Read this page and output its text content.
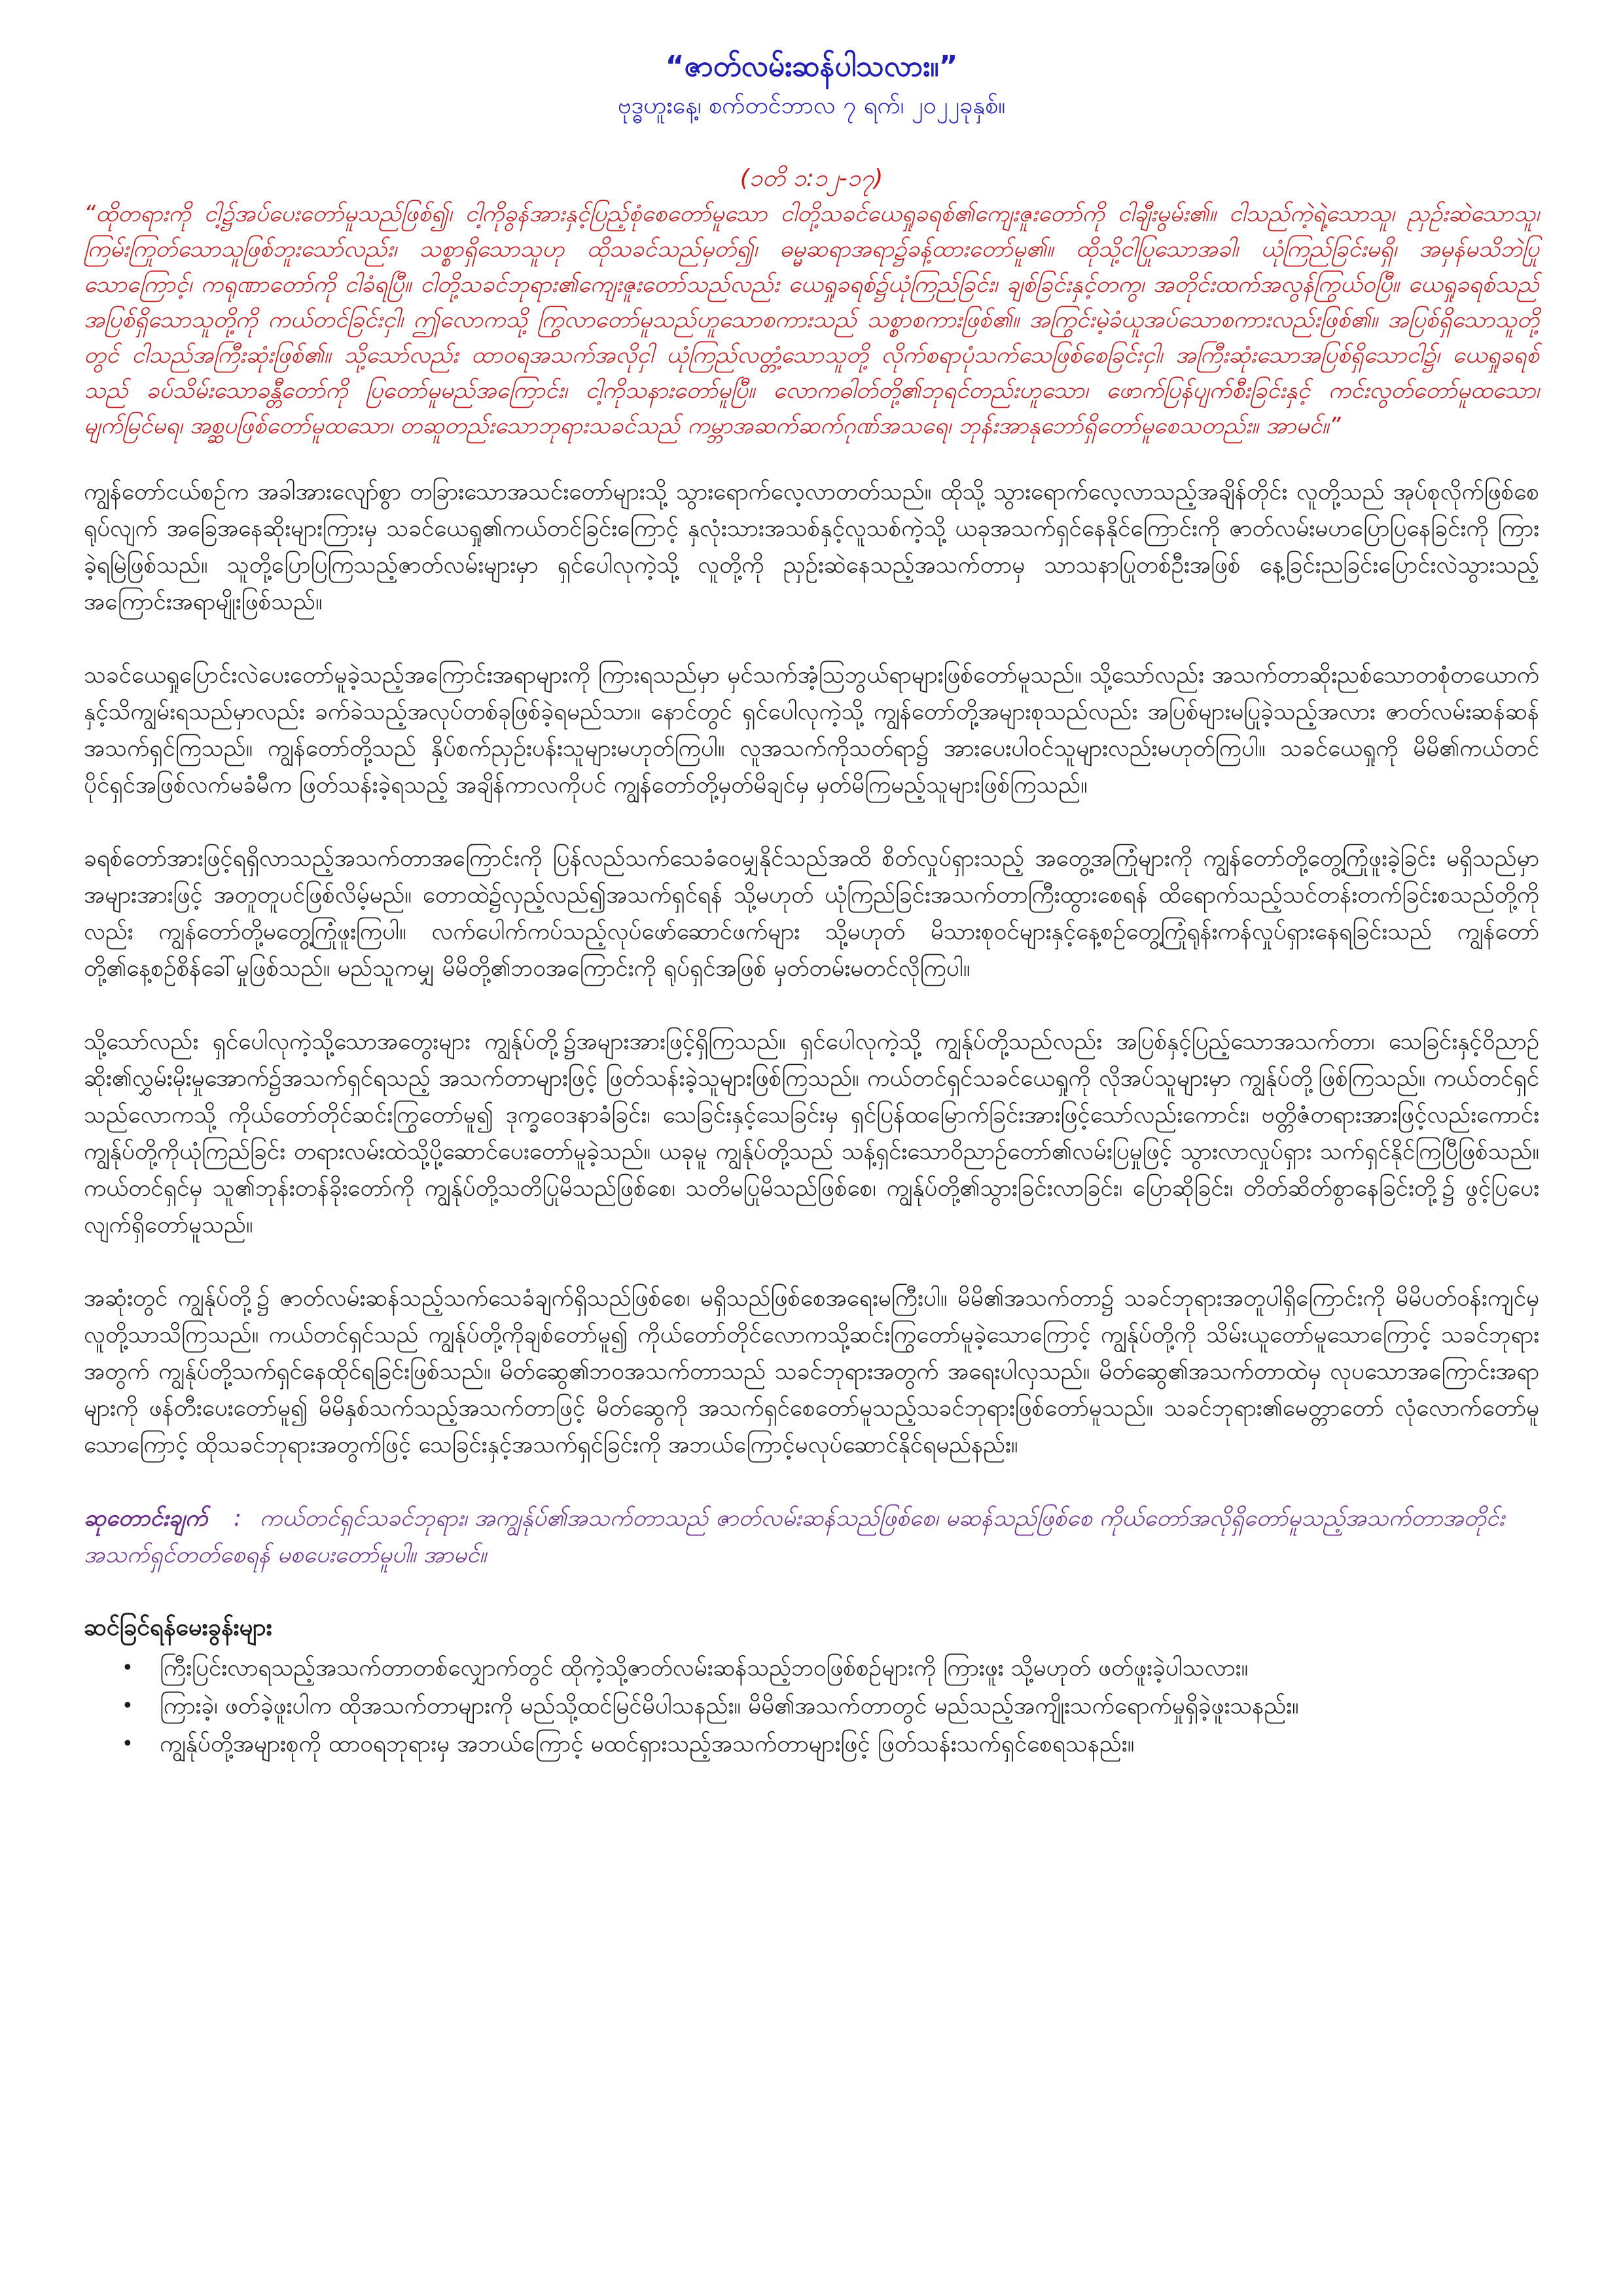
“ဇာတ်လမ်းဆန်ပါသလား။”

ဗုဒ္ဓဟူးနေ့၊ စက်တင်ဘာလ ၇ ရက်၊ ၂၀၂၂ခုနှစ်။

(၁တိ ၁:၁၂-၁၇)

“ထိုတရားကို ငါ့၌အပ်ပေးတော်မူသည်ဖြစ်၍၊ ငါ့ကိုခွန်အားနှင့်ပြည့်စုံစေတော်မူသော ငါတို့သခင်ယေရှုခရစ်၏ကျေးဇူးတော်ကို ငါချီးမွမ်း၏။ ငါသည်ကဲ့ရဲ့သောသူ၊ ညှဉ်းဆဲသောသူ၊ ကြမ်းကြုတ်သောသူဖြစ်ဘူးသော်လည်း၊ သစ္စာရှိသောသူဟု ထိုသခင်သည်မှတ်၍၊ ဓမ္မဆရာအရာ၌ခန့်ထားတော်မူ၏။ ထိုသို့ငါပြုသောအခါ၊ ယုံကြည်ခြင်းမရှိ၊ အမှန်မသိဘဲပြုသောကြောင့်၊ ကရုဏာတော်ကို ငါခံရပြီ။ ငါတို့သခင်ဘုရား၏ကျေးဇူးတော်သည်လည်း ယေရှုခရစ်၌ယုံကြည်ခြင်း၊ ချစ်ခြင်းနှင့်တကွ၊ အတိုင်းထက်အလွန်ကြွယ်ဝပြီ။ ယေရှုခရစ်သည် အပြစ်ရှိသောသူတို့ကို ကယ်တင်ခြင်းငှါ၊ ဤလောကသို့ ကြွလာတော်မူသည်ဟူသောစကားသည် သစ္စာစကားဖြစ်၏။ အကြွင်းမဲ့ခံယူအပ်သောစကားလည်းဖြစ်၏။ အပြစ်ရှိသောသူတို့တွင် ငါသည်အကြီးဆုံးဖြစ်၏။ သို့သော်လည်း ထာဝရအသက်အလိုငှါ ယုံကြည်လတ္တံ့သောသူတို့ လိုက်စရာပုံသက်သေဖြစ်စေခြင်းငှါ၊ အကြီးဆုံးသောအပြစ်ရှိသောငါ၌၊ ယေရှုခရစ်သည် ခပ်သိမ်းသောခန္တီတော်ကို ပြတော်မူမည်အကြောင်း၊ ငါ့ကိုသနားတော်မူပြီ။ လောကဓါတ်တို့၏ဘုရင်တည်းဟူသော၊ ဖောက်ပြန်ပျက်စီးခြင်းနှင့် ကင်းလွတ်တော်မူထသော၊ မျက်မြင်မရ၊ အစ္ဆပဖြစ်တော်မူထသော၊ တဆူတည်းသောဘုရားသခင်သည် ကမ္ဘာအဆက်ဆက်ဂုဏ်အသရေ၊ ဘုန်းအာနုဘော်ရှိတော်မူစေသတည်း။ အာမင်။”

ကျွန်တော်ငယ်စဉ်က အခါအားလျော်စွာ တခြားသောအသင်းတော်များသို့ သွားရောက်လေ့လာတတ်သည်။ ထိုသို့ သွားရောက်လေ့လာသည့်အချိန်တိုင်း လူတို့သည် အုပ်စုလိုက်ဖြစ်စေရုပ်လျက် အခြေအနေဆိုးများကြားမှ သခင်ယေရှု၏ကယ်တင်ခြင်းကြောင့် နှလုံးသားအသစ်နှင့်လူသစ်ကဲ့သို့ ယခုအသက်ရှင်နေနိုင်ကြောင်းကို ဇာတ်လမ်းမပာပြောပြနေခြင်းကို ကြားခဲ့ရမြဲဖြစ်သည်။ သူတို့ပြောပြကြသည့်ဇာတ်လမ်းများမှာ ရှင်ပေါလုကဲ့သို့ လူတို့ကို ညှဉ်းဆဲနေသည့်အသက်တာမှ သာသနာပြုတစ်ဦးအဖြစ် နေ့ခြင်းညခြင်းပြောင်းလဲသွားသည့်အကြောင်းအရာမျိုးဖြစ်သည်။

သခင်ယေရှုပြောင်းလဲပေးတော်မူခဲ့သည့်အကြောင်းအရာများကို ကြားရသည်မှာ မှင်သက်အံ့သြဘွယ်ရာများဖြစ်တော်မူသည်။ သို့သော်လည်း အသက်တာဆိုးညစ်သောတစုံတယောက်နှင့်သိကျွမ်းရသည်မှာလည်း ခက်ခဲသည့်အလုပ်တစ်ခုဖြစ်ခဲ့ရမည်သာ။ နောင်တွင် ရှင်ပေါလုကဲ့သို့ ကျွန်တော်တို့အများစုသည်လည်း အပြစ်များမပြုခဲ့သည့်အလား ဇာတ်လမ်းဆန်ဆန်အသက်ရှင်ကြသည်။ ကျွန်တော်တို့သည် နှိပ်စက်ညှဉ်းပန်းသူများမဟုတ်ကြပါ။ လူအသက်ကိုသတ်ရာ၌ အားပေးပါဝင်သူများလည်းမဟုတ်ကြပါ။ သခင်ယေရှုကို မိမိ၏ကယ်တင်ပိုင်ရှင်အဖြစ်လက်မခံမီက ဖြတ်သန်းခဲ့ရသည့် အချိန်ကာလကိုပင် ကျွန်တော်တို့မှတ်မိချင်မှ မှတ်မိကြမည့်သူများဖြစ်ကြသည်။

ခရစ်တော်အားဖြင့်ရရှိလာသည့်အသက်တာအကြောင်းကို ပြန်လည်သက်သေခံဝေမျှနိုင်သည်အထိ စိတ်လှုပ်ရှားသည့် အတွေ့အကြုံများကို ကျွန်တော်တို့တွေ့ကြုံဖူးခဲ့ခြင်း မရှိသည်မှာ အများအားဖြင့် အတူတူပင်ဖြစ်လိမ့်မည်။ တောထဲ၌လှည့်လည်၍အသက်ရှင်ရန် သို့မဟုတ် ယုံကြည်ခြင်းအသက်တာကြီးထွားစေရန် ထိရောက်သည့်သင်တန်းတက်ခြင်းစသည်တို့ကိုလည်း ကျွန်တော်တို့မတွေ့ကြုံဖူးကြပါ။ လက်ပေါက်ကပ်သည့်လုပ်ဖော်ဆောင်ဖက်များ သို့မဟုတ် မိသားစုဝင်များနှင့်နေ့စဉ်တွေ့ကြုံရုန်းကန်လှုပ်ရှားနေရခြင်းသည် ကျွန်တော်တို့၏နေ့စဉ်စိန်ခေါ်မှုဖြစ်သည်။ မည်သူကမျှ မိမိတို့၏ဘဝအကြောင်းကို ရုပ်ရှင်အဖြစ် မှတ်တမ်းမတင်လိုကြပါ။

သို့သော်လည်း ရှင်ပေါလုကဲ့သို့သောအတွေးများ ကျွန်ုပ်တို့၌အများအားဖြင့်ရှိကြသည်။ ရှင်ပေါလုကဲ့သို့ ကျွန်ုပ်တို့သည်လည်း အပြစ်နှင့်ပြည့်သောအသက်တာ၊ သေခြင်းနှင့်ဝိညာဉ်ဆိုး၏လွှမ်းမိုးမှုအောက်၌အသက်ရှင်ရသည့် အသက်တာများဖြင့် ဖြတ်သန်းခဲ့သူများဖြစ်ကြသည်။ ကယ်တင်ရှင်သခင်ယေရှုကို လိုအပ်သူများမှာ ကျွန်ုပ်တို့ဖြစ်ကြသည်။ ကယ်တင်ရှင်သည်လောကသို့ ကိုယ်တော်တိုင်ဆင်းကြွတော်မူ၍ ဒုက္ခဝေဒနာခံခြင်း၊ သေခြင်းနှင့်သေခြင်းမှ ရှင်ပြန်ထမြောက်ခြင်းအားဖြင့်သော်လည်းကောင်း၊ ဗတ္တိဇံတရားအားဖြင့်လည်းကောင်း ကျွန်ုပ်တို့ကိုယုံကြည်ခြင်း တရားလမ်းထဲသို့ပို့ဆောင်ပေးတော်မူခဲ့သည်။ ယခုမူ ကျွန်ုပ်တို့သည် သန့်ရှင်းသောဝိညာဉ်တော်၏လမ်းပြမှုဖြင့် သွားလာလှုပ်ရှား သက်ရှင်နိုင်ကြပြီဖြစ်သည်။ ကယ်တင်ရှင်မှ သူ၏ဘုန်းတန်ခိုးတော်ကို ကျွန်ုပ်တို့သတိပြုမိသည်ဖြစ်စေ၊ သတိမပြုမိသည်ဖြစ်စေ၊ ကျွန်ုပ်တို့၏သွားခြင်းလာခြင်း၊ ပြောဆိုခြင်း၊ တိတ်ဆိတ်စွာနေခြင်းတို့၌ ဖွင့်ပြပေးလျက်ရှိတော်မူသည်။

အဆုံးတွင် ကျွန်ုပ်တို့၌ ဇာတ်လမ်းဆန်သည့်သက်သေခံချက်ရှိသည်ဖြစ်စေ၊ မရှိသည်ဖြစ်စေအရေးမကြီးပါ။ မိမိ၏အသက်တာ၌ သခင်ဘုရားအတူပါရှိကြောင်းကို မိမိပတ်ဝန်းကျင်မှလူတို့သာသိကြသည်။ ကယ်တင်ရှင်သည် ကျွန်ုပ်တို့ကိုချစ်တော်မူ၍ ကိုယ်တော်တိုင်လောကသို့ဆင်းကြွတော်မူခဲ့သောကြောင့် ကျွန်ုပ်တို့ကို သိမ်းယူတော်မူသောကြောင့် သခင်ဘုရားအတွက် ကျွန်ုပ်တို့သက်ရှင်နေထိုင်ရခြင်းဖြစ်သည်။ မိတ်ဆွေ၏ဘဝအသက်တာသည် သခင်ဘုရားအတွက် အရေးပါလှသည်။ မိတ်ဆွေ၏အသက်တာထဲမှ လုပသောအကြောင်းအရာများကို ဖန်တီးပေးတော်မူ၍ မိမိနှစ်သက်သည့်အသက်တာဖြင့် မိတ်ဆွေကို အသက်ရှင်စေတော်မူသည့်သခင်ဘုရားဖြစ်တော်မူသည်။ သခင်ဘုရား၏မေတ္တာတော် လုံလောက်တော်မူသောကြောင့် ထိုသခင်ဘုရားအတွက်ဖြင့် သေခြင်းနှင့်အသက်ရှင်ခြင်းကို အဘယ်ကြောင့်မလုပ်ဆောင်နိုင်ရမည်နည်း။

ဆုတောင်းချက် : ကယ်တင်ရှင်သခင်ဘုရား၊ အကျွန်ုပ်၏အသက်တာသည် ဇာတ်လမ်းဆန်သည်ဖြစ်စေ၊ မဆန်သည်ဖြစ်စေ ကိုယ်တော်အလိုရှိတော်မူသည့်အသက်တာအတိုင်းအသက်ရှင်တတ်စေရန် မစပေးတော်မူပါ။ အာမင်။

ဆင်ခြင်ရန်မေးခွန်းများ

• ကြီးပြင်းလာရသည့်အသက်တာတစ်လျှောက်တွင် ထိုကဲ့သို့ဇာတ်လမ်းဆန်သည့်ဘဝဖြစ်စဉ်များကို ကြားဖူး သို့မဟုတ် ဖတ်ဖူးခဲ့ပါသလား။
• ကြားခဲ့၊ ဖတ်ခဲ့ဖူးပါက ထိုအသက်တာများကို မည်သို့ထင်မြင်မိပါသနည်း။ မိမိ၏အသက်တာတွင် မည်သည့်အကျိုးသက်ရောက်မှုရှိခဲ့ဖူးသနည်း။
• ကျွန်ုပ်တို့အများစုကို ထာဝရဘုရားမှ အဘယ်ကြောင့် မထင်ရှားသည့်အသက်တာများဖြင့် ဖြတ်သန်းသက်ရှင်စေရသနည်း။
